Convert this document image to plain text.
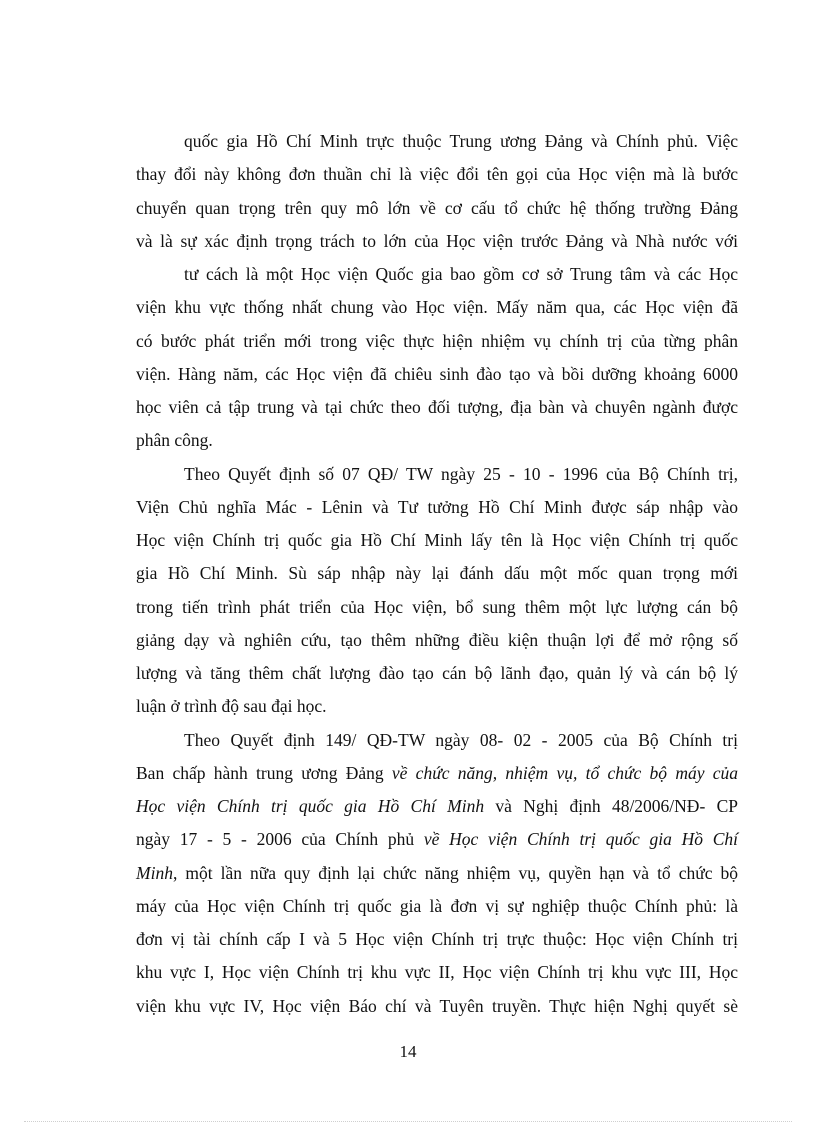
quốc gia Hồ Chí Minh trực thuộc Trung ương Đảng và Chính phủ. Việc
thay đổi này không đơn thuần chỉ là việc đổi tên gọi của Học viện mà là bước
chuyển quan trọng trên quy mô lớn về cơ cấu tổ chức hệ thống trường Đảng
và là sự xác định trọng trách to lớn của Học viện trước Đảng và Nhà nước với
tư cách là một Học viện Quốc gia bao gồm cơ sở Trung tâm và các Học
viện khu vực thống nhất chung vào Học viện. Mấy năm qua, các Học viện đã
có bước phát triển mới trong việc thực hiện nhiệm vụ chính trị của từng phân
viện. Hàng năm, các Học viện đã chiêu sinh đào tạo và bồi dưỡng khoảng 6000
học viên cả tập trung và tại chức theo đối tượng, địa bàn và chuyên ngành được
phân công.
Theo Quyết định số 07 QĐ/ TW ngày 25 - 10 - 1996 của Bộ Chính trị,
Viện Chủ nghĩa Mác - Lênin và Tư tưởng Hồ Chí Minh được sáp nhập vào
Học viện Chính trị quốc gia Hồ Chí Minh lấy tên là Học viện Chính trị quốc
gia Hồ Chí Minh. Sù sáp nhập này lại đánh dấu một mốc quan trọng mới
trong tiến trình phát triển của Học viện, bổ sung thêm một lực lượng cán bộ
giảng dạy và nghiên cứu, tạo thêm những điều kiện thuận lợi để mở rộng số
lượng và tăng thêm chất lượng đào tạo cán bộ lãnh đạo, quản lý và cán bộ lý
luận ở trình độ sau đại học.
Theo Quyết định 149/ QĐ-TW ngày 08- 02 - 2005 của Bộ Chính trị
Ban chấp hành trung ương Đảng về chức năng, nhiệm vụ, tổ chức bộ máy của
Học viện Chính trị quốc gia Hồ Chí Minh và Nghị định 48/2006/NĐ- CP
ngày 17 - 5 - 2006 của Chính phủ về Học viện Chính trị quốc gia Hồ Chí
Minh, một lần nữa quy định lại chức năng nhiệm vụ, quyền hạn và tổ chức bộ
máy của Học viện Chính trị quốc gia là đơn vị sự nghiệp thuộc Chính phủ: là
đơn vị tài chính cấp I và 5 Học viện Chính trị trực thuộc: Học viện Chính trị
khu vực I, Học viện Chính trị khu vực II, Học viện Chính trị khu vực III, Học
viện khu vực IV, Học viện Báo chí và Tuyên truyền. Thực hiện Nghị quyết sè
14
